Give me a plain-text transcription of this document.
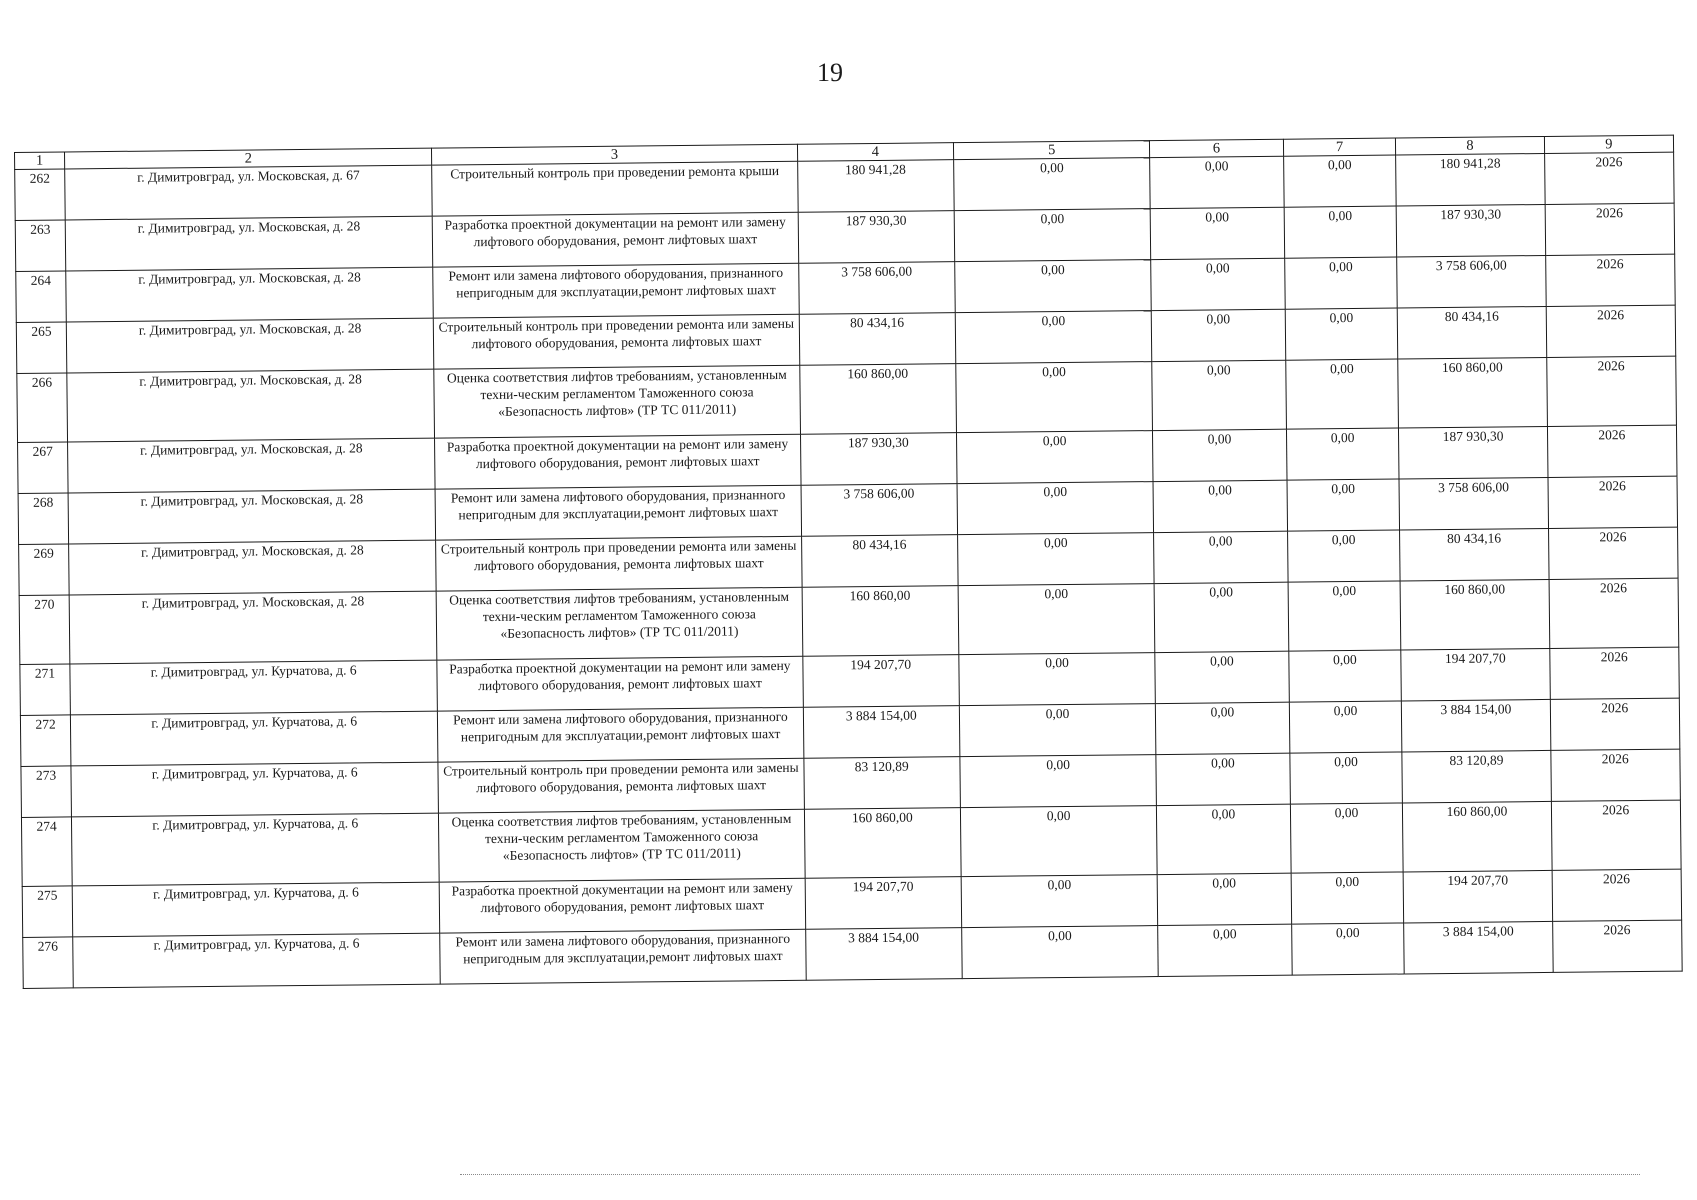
19
1	2	3	4	5	6	7	8	9
262	г. Димитровград, ул. Московская, д. 67	Строительный контроль при проведении ремонта крыши	180 941,28	0,00	0,00	0,00	180 941,28	2026
263	г. Димитровград, ул. Московская, д. 28	Разработка проектной документации на ремонт или замену лифтового оборудования, ремонт лифтовых шахт	187 930,30	0,00	0,00	0,00	187 930,30	2026
264	г. Димитровград, ул. Московская, д. 28	Ремонт или замена лифтового оборудования, признанного непригодным для эксплуатации,ремонт лифтовых шахт	3 758 606,00	0,00	0,00	0,00	3 758 606,00	2026
265	г. Димитровград, ул. Московская, д. 28	Строительный контроль при проведении ремонта или замены лифтового оборудования, ремонта лифтовых шахт	80 434,16	0,00	0,00	0,00	80 434,16	2026
266	г. Димитровград, ул. Московская, д. 28	Оценка соответствия лифтов требованиям, установленным техни-ческим регламентом Таможенного союза «Безопасность лифтов» (ТР ТС 011/2011)	160 860,00	0,00	0,00	0,00	160 860,00	2026
267	г. Димитровград, ул. Московская, д. 28	Разработка проектной документации на ремонт или замену лифтового оборудования, ремонт лифтовых шахт	187 930,30	0,00	0,00	0,00	187 930,30	2026
268	г. Димитровград, ул. Московская, д. 28	Ремонт или замена лифтового оборудования, признанного непригодным для эксплуатации,ремонт лифтовых шахт	3 758 606,00	0,00	0,00	0,00	3 758 606,00	2026
269	г. Димитровград, ул. Московская, д. 28	Строительный контроль при проведении ремонта или замены лифтового оборудования, ремонта лифтовых шахт	80 434,16	0,00	0,00	0,00	80 434,16	2026
270	г. Димитровград, ул. Московская, д. 28	Оценка соответствия лифтов требованиям, установленным техни-ческим регламентом Таможенного союза «Безопасность лифтов» (ТР ТС 011/2011)	160 860,00	0,00	0,00	0,00	160 860,00	2026
271	г. Димитровград, ул. Курчатова, д. 6	Разработка проектной документации на ремонт или замену лифтового оборудования, ремонт лифтовых шахт	194 207,70	0,00	0,00	0,00	194 207,70	2026
272	г. Димитровград, ул. Курчатова, д. 6	Ремонт или замена лифтового оборудования, признанного непригодным для эксплуатации,ремонт лифтовых шахт	3 884 154,00	0,00	0,00	0,00	3 884 154,00	2026
273	г. Димитровград, ул. Курчатова, д. 6	Строительный контроль при проведении ремонта или замены лифтового оборудования, ремонта лифтовых шахт	83 120,89	0,00	0,00	0,00	83 120,89	2026
274	г. Димитровград, ул. Курчатова, д. 6	Оценка соответствия лифтов требованиям, установленным техни-ческим регламентом Таможенного союза «Безопасность лифтов» (ТР ТС 011/2011)	160 860,00	0,00	0,00	0,00	160 860,00	2026
275	г. Димитровград, ул. Курчатова, д. 6	Разработка проектной документации на ремонт или замену лифтового оборудования, ремонт лифтовых шахт	194 207,70	0,00	0,00	0,00	194 207,70	2026
276	г. Димитровград, ул. Курчатова, д. 6	Ремонт или замена лифтового оборудования, признанного непригодным для эксплуатации,ремонт лифтовых шахт	3 884 154,00	0,00	0,00	0,00	3 884 154,00	2026
